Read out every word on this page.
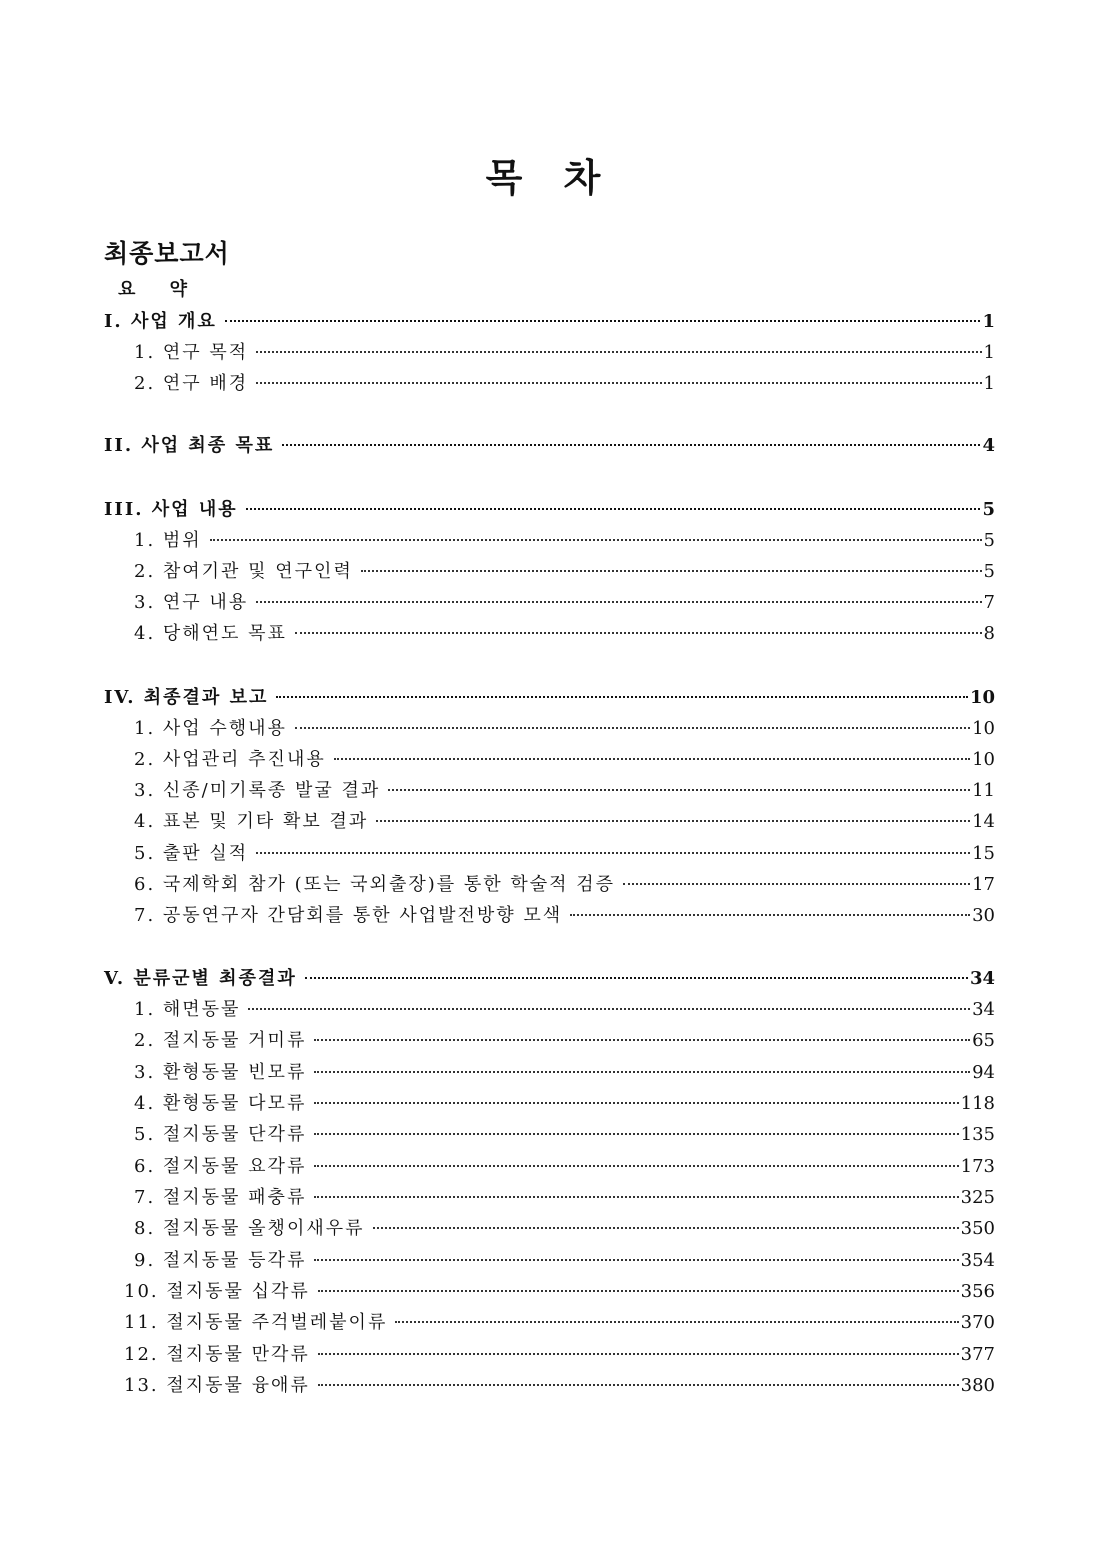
목 차
최종보고서
요 약
I. 사업 개요	1
1. 연구 목적	1
2. 연구 배경	1
II. 사업 최종 목표	4
III. 사업 내용	5
1. 범위	5
2. 참여기관 및 연구인력	5
3. 연구 내용	7
4. 당해연도 목표	8
IV. 최종결과 보고	10
1. 사업 수행내용	10
2. 사업관리 추진내용	10
3. 신종/미기록종 발굴 결과	11
4. 표본 및 기타 확보 결과	14
5. 출판 실적	15
6. 국제학회 참가 (또는 국외출장)를 통한 학술적 검증	17
7. 공동연구자 간담회를 통한 사업발전방향 모색	30
V. 분류군별 최종결과	34
1. 해면동물	34
2. 절지동물 거미류	65
3. 환형동물 빈모류	94
4. 환형동물 다모류	118
5. 절지동물 단각류	135
6. 절지동물 요각류	173
7. 절지동물 패충류	325
8. 절지동물 올챙이새우류	350
9. 절지동물 등각류	354
10. 절지동물 십각류	356
11. 절지동물 주걱벌레붙이류	370
12. 절지동물 만각류	377
13. 절지동물 융애류	380
